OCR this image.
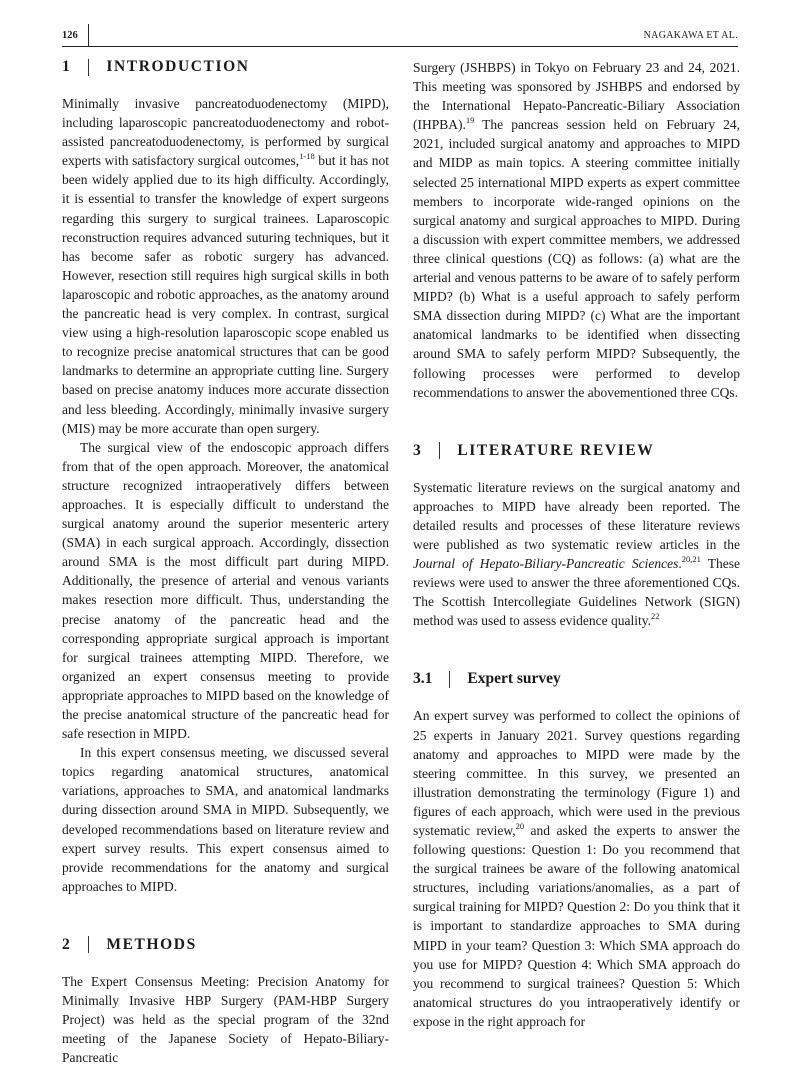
126	NAGAKAWA ET AL.
1 INTRODUCTION

Minimally invasive pancreatoduodenectomy (MIPD), including laparoscopic pancreatoduodenectomy and robot-assisted pancreatoduodenectomy, is performed by surgical experts with satisfactory surgical outcomes,$^{1-18}$ but it has not been widely applied due to its high difficulty. Accordingly, it is essential to transfer the knowledge of expert surgeons regarding this surgery to surgical trainees. Laparoscopic reconstruction requires advanced suturing techniques, but it has become safer as robotic surgery has advanced. However, resection still requires high surgical skills in both laparoscopic and robotic approaches, as the anatomy around the pancreatic head is very complex. In contrast, surgical view using a high-resolution laparoscopic scope enabled us to recognize precise anatomical structures that can be good landmarks to determine an appropriate cutting line. Surgery based on precise anatomy induces more accurate dissection and less bleeding. Accordingly, minimally invasive surgery (MIS) may be more accurate than open surgery.

The surgical view of the endoscopic approach differs from that of the open approach. Moreover, the anatomical structure recognized intraoperatively differs between approaches. It is especially difficult to understand the surgical anatomy around the superior mesenteric artery (SMA) in each surgical approach. Accordingly, dissection around SMA is the most difficult part during MIPD. Additionally, the presence of arterial and venous variants makes resection more difficult. Thus, understanding the precise anatomy of the pancreatic head and the corresponding appropriate surgical approach is important for surgical trainees attempting MIPD. Therefore, we organized an expert consensus meeting to provide appropriate approaches to MIPD based on the knowledge of the precise anatomical structure of the pancreatic head for safe resection in MIPD.

In this expert consensus meeting, we discussed several topics regarding anatomical structures, anatomical variations, approaches to SMA, and anatomical landmarks during dissection around SMA in MIPD. Subsequently, we developed recommendations based on literature review and expert survey results. This expert consensus aimed to provide recommendations for the anatomy and surgical approaches to MIPD.

2 METHODS

The Expert Consensus Meeting: Precision Anatomy for Minimally Invasive HBP Surgery (PAM-HBP Surgery Project) was held as the special program of the 32nd meeting of the Japanese Society of Hepato-Biliary-Pancreatic

Surgery (JSHBPS) in Tokyo on February 23 and 24, 2021. This meeting was sponsored by JSHBPS and endorsed by the International Hepato-Pancreatic-Biliary Association (IHPBA).$^{19}$ The pancreas session held on February 24, 2021, included surgical anatomy and approaches to MIPD and MIDP as main topics. A steering committee initially selected 25 international MIPD experts as expert committee members to incorporate wide-ranged opinions on the surgical anatomy and surgical approaches to MIPD. During a discussion with expert committee members, we addressed three clinical questions (CQ) as follows: (a) what are the arterial and venous patterns to be aware of to safely perform MIPD? (b) What is a useful approach to safely perform SMA dissection during MIPD? (c) What are the important anatomical landmarks to be identified when dissecting around SMA to safely perform MIPD? Subsequently, the following processes were performed to develop recommendations to answer the abovementioned three CQs.

3 LITERATURE REVIEW

Systematic literature reviews on the surgical anatomy and approaches to MIPD have already been reported. The detailed results and processes of these literature reviews were published as two systematic review articles in the Journal of Hepato-Biliary-Pancreatic Sciences.$^{20,21}$ These reviews were used to answer the three aforementioned CQs. The Scottish Intercollegiate Guidelines Network (SIGN) method was used to assess evidence quality.$^{22}$

3.1 Expert survey

An expert survey was performed to collect the opinions of 25 experts in January 2021. Survey questions regarding anatomy and approaches to MIPD were made by the steering committee. In this survey, we presented an illustration demonstrating the terminology (Figure 1) and figures of each approach, which were used in the previous systematic review,$^{20}$ and asked the experts to answer the following questions: Question 1: Do you recommend that the surgical trainees be aware of the following anatomical structures, including variations/anomalies, as a part of surgical training for MIPD? Question 2: Do you think that it is important to standardize approaches to SMA during MIPD in your team? Question 3: Which SMA approach do you use for MIPD? Question 4: Which SMA approach do you recommend to surgical trainees? Question 5: Which anatomical structures do you intraoperatively identify or expose in the right approach for
